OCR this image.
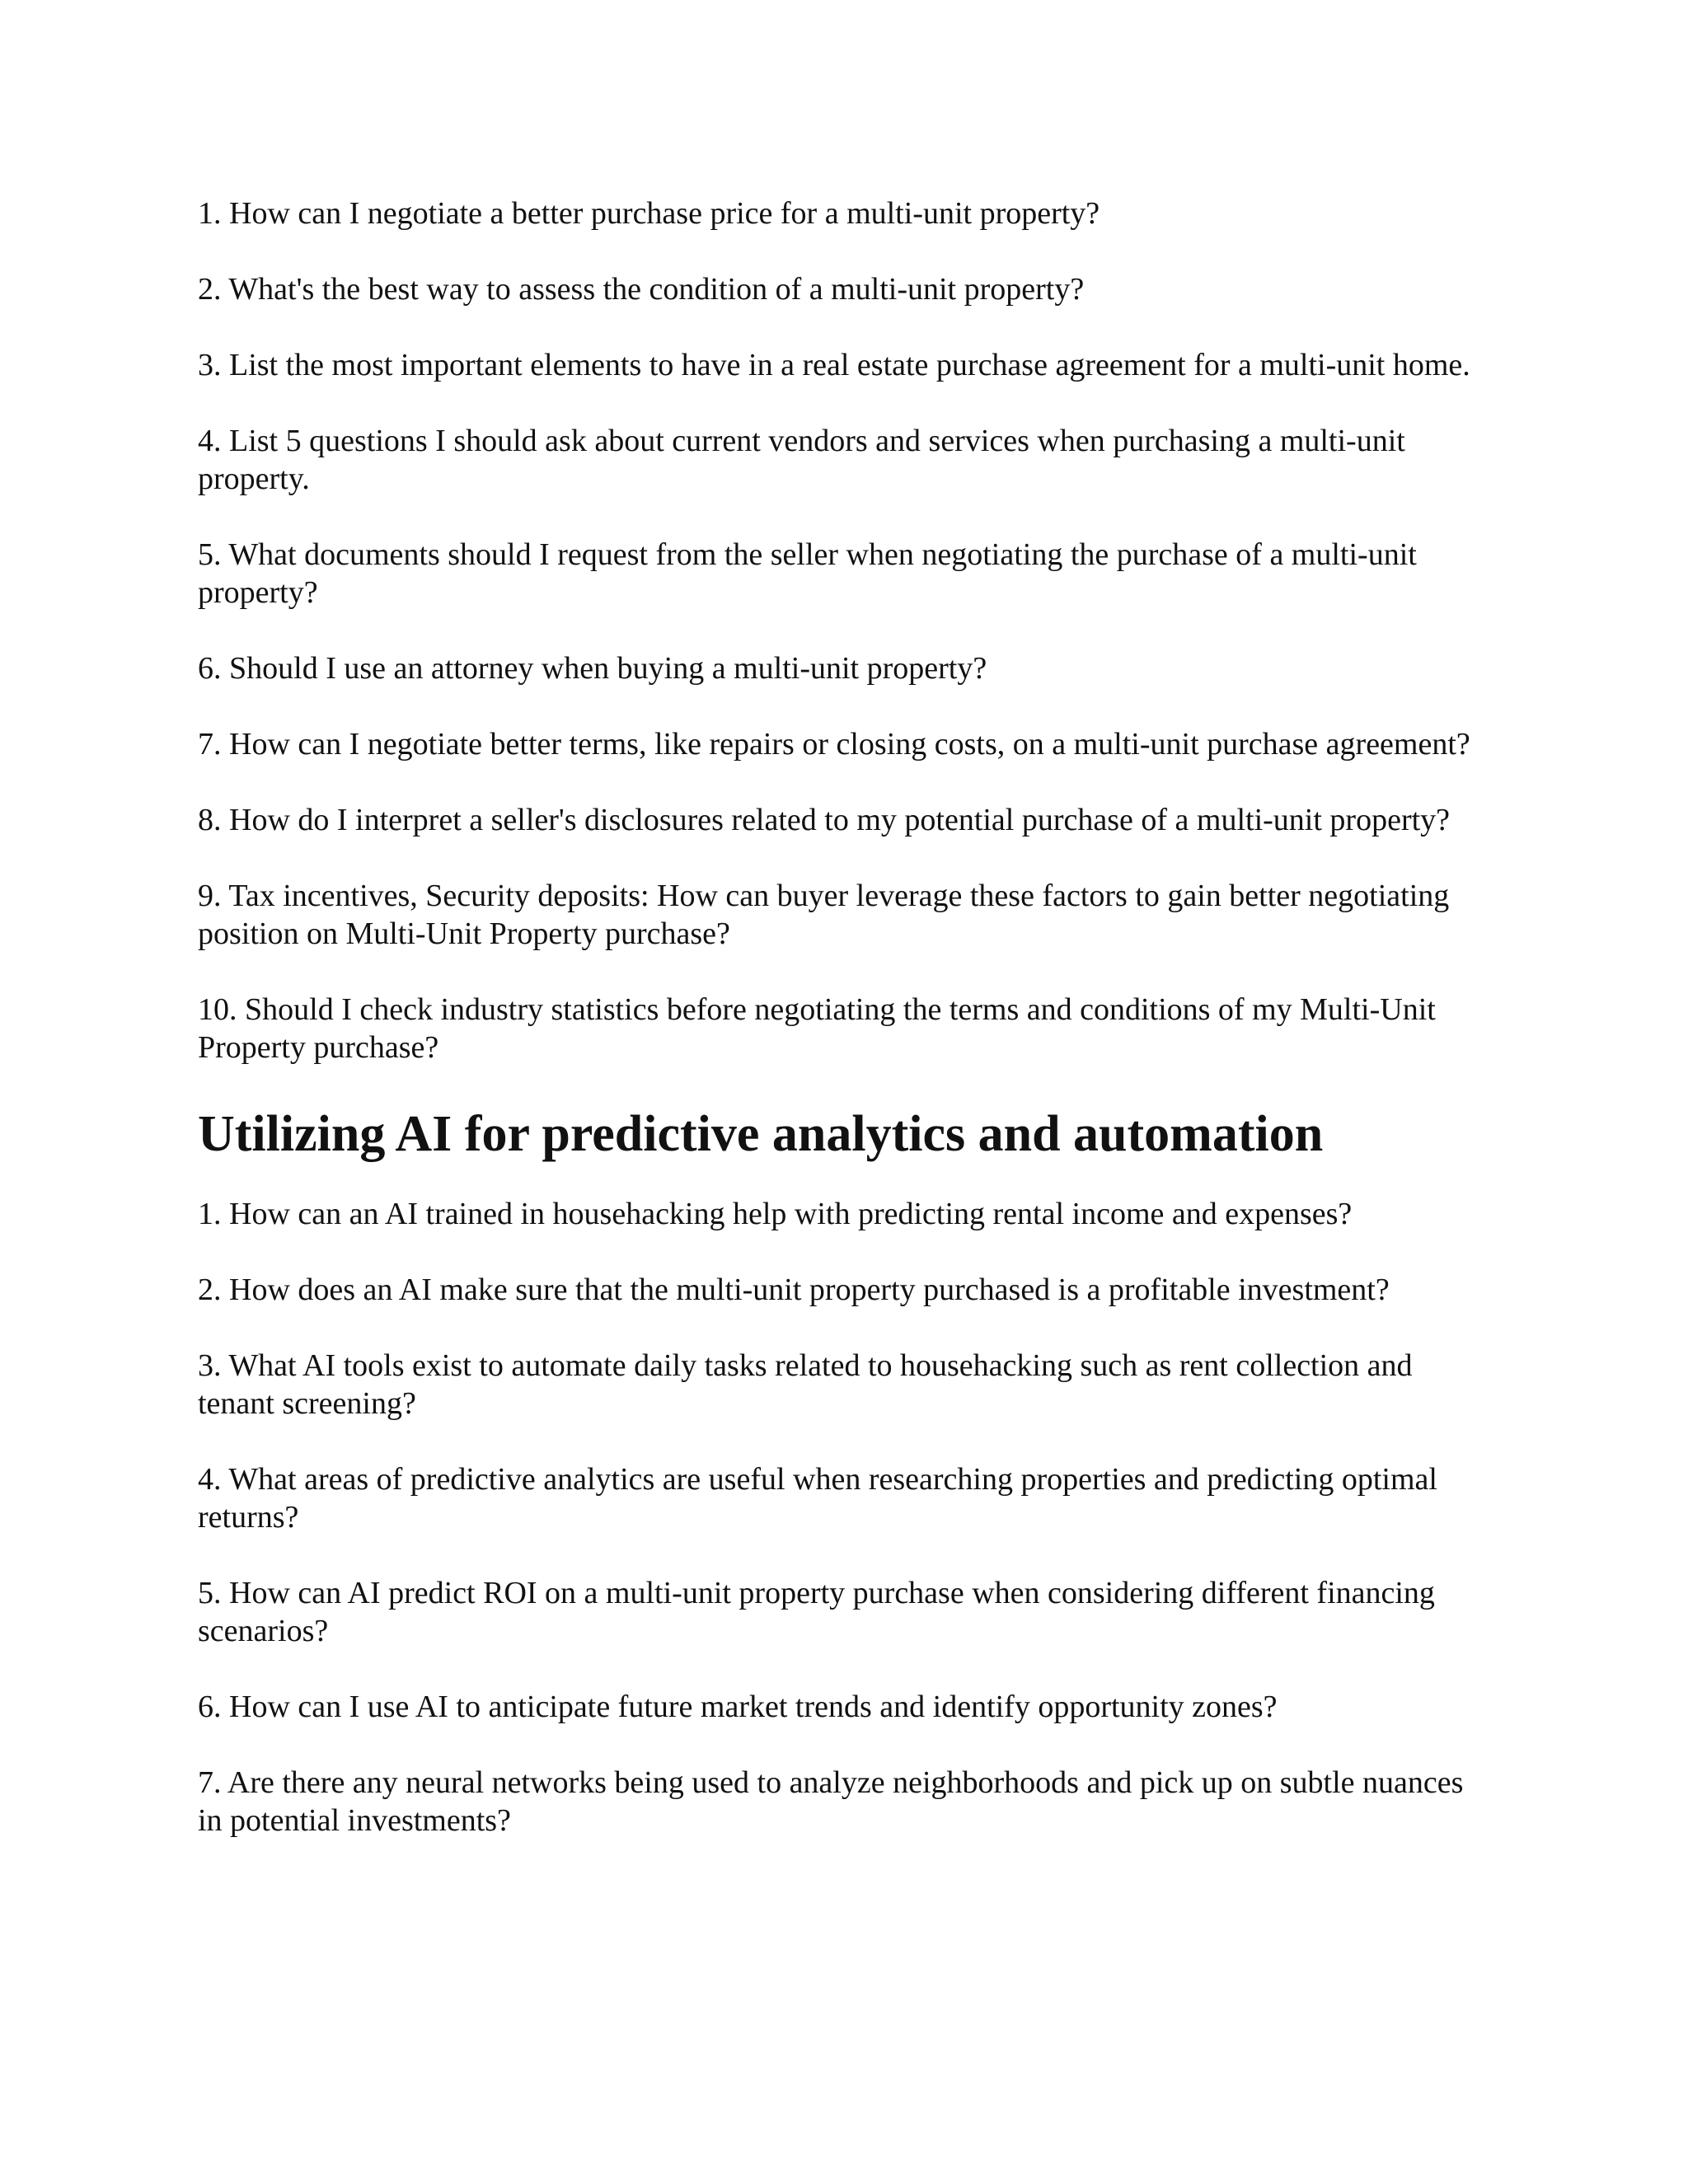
1. How can I negotiate a better purchase price for a multi-unit property?

2. What's the best way to assess the condition of a multi-unit property?

3. List the most important elements to have in a real estate purchase agreement for a multi-unit home.

4. List 5 questions I should ask about current vendors and services when purchasing a multi-unit property.

5. What documents should I request from the seller when negotiating the purchase of a multi-unit property?

6. Should I use an attorney when buying a multi-unit property?

7. How can I negotiate better terms, like repairs or closing costs, on a multi-unit purchase agreement?

8. How do I interpret a seller's disclosures related to my potential purchase of a multi-unit property?

9. Tax incentives, Security deposits: How can buyer leverage these factors to gain better negotiating position on Multi-Unit Property purchase?

10. Should I check industry statistics before negotiating the terms and conditions of my Multi-Unit Property purchase?

Utilizing AI for predictive analytics and automation

1. How can an AI trained in househacking help with predicting rental income and expenses?

2. How does an AI make sure that the multi-unit property purchased is a profitable investment?

3. What AI tools exist to automate daily tasks related to househacking such as rent collection and tenant screening?

4. What areas of predictive analytics are useful when researching properties and predicting optimal returns?

5. How can AI predict ROI on a multi-unit property purchase when considering different financing scenarios?

6. How can I use AI to anticipate future market trends and identify opportunity zones?

7. Are there any neural networks being used to analyze neighborhoods and pick up on subtle nuances in potential investments?
